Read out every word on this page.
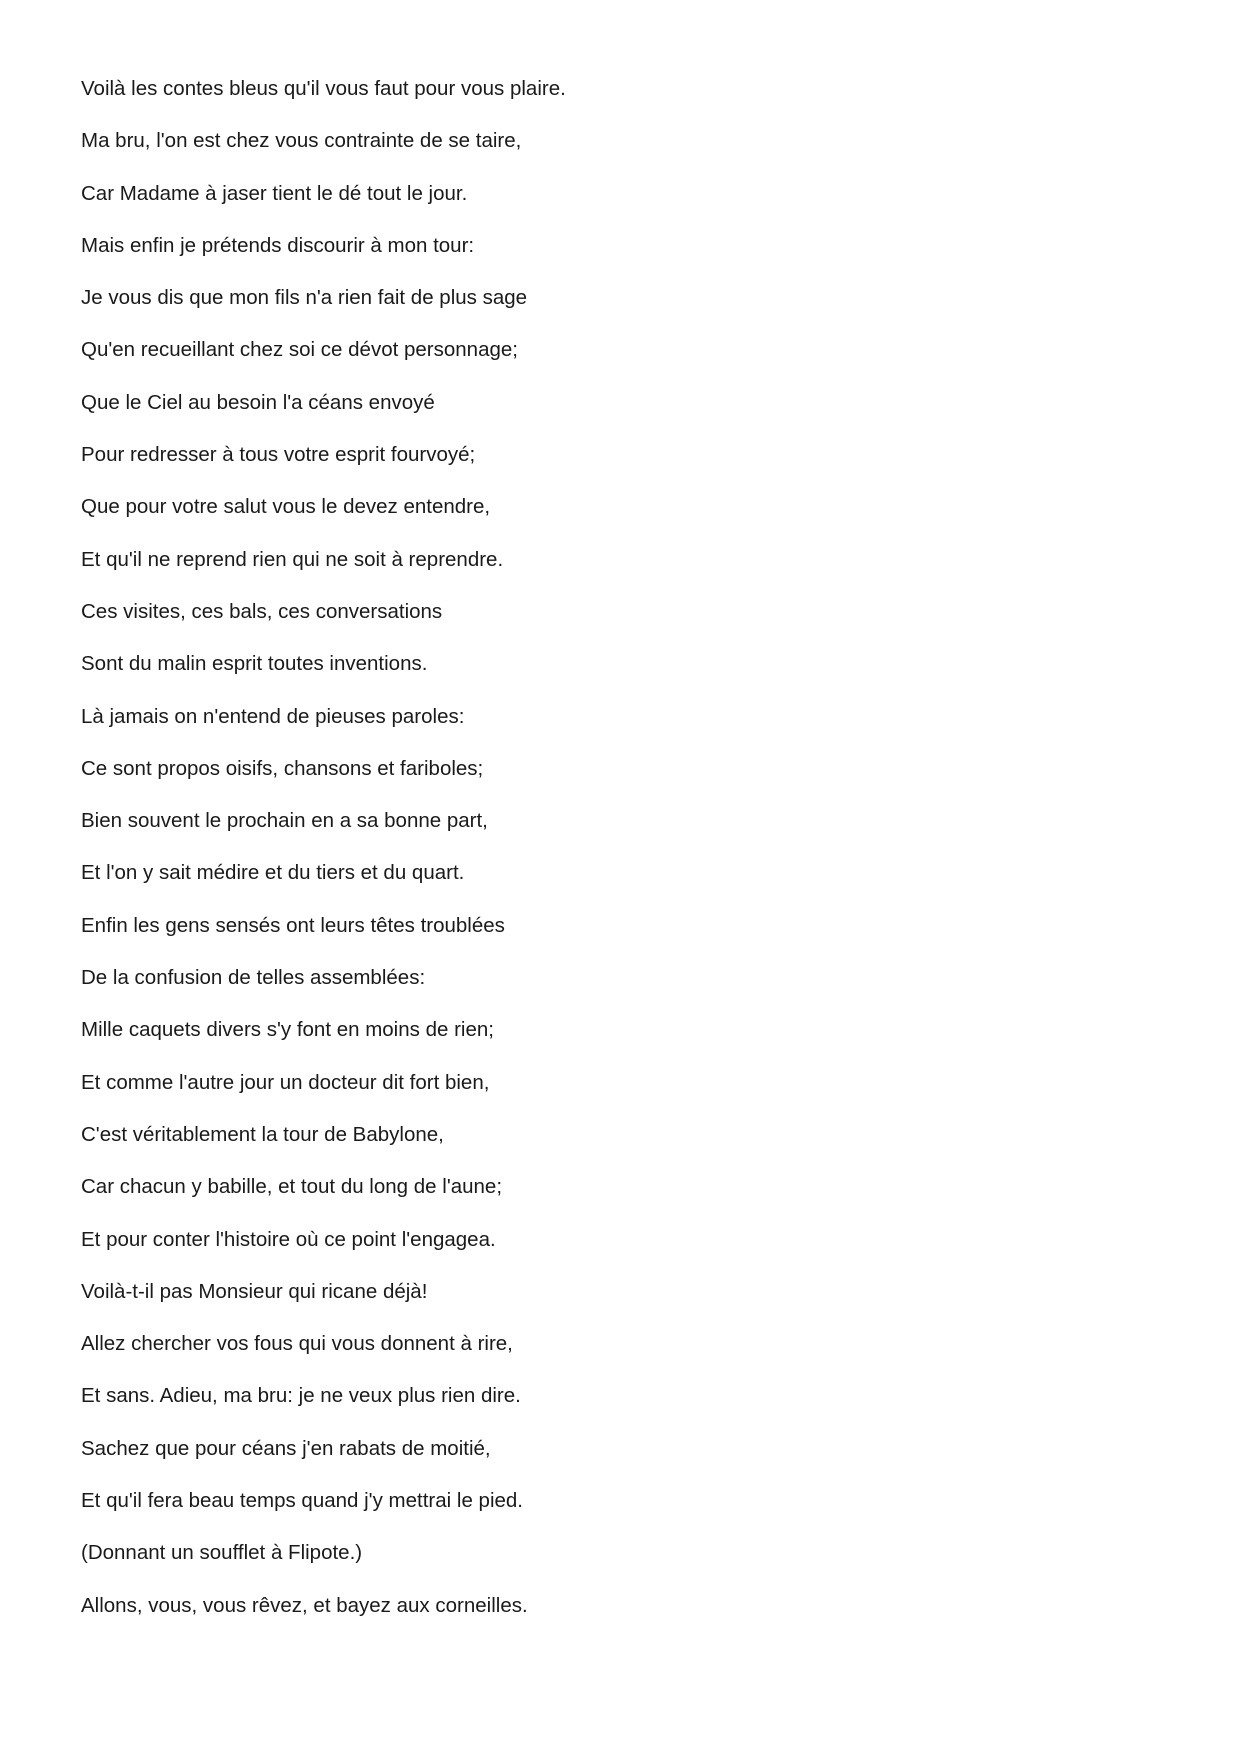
Voilà les contes bleus qu'il vous faut pour vous plaire.
Ma bru, l'on est chez vous contrainte de se taire,
Car Madame à jaser tient le dé tout le jour.
Mais enfin je prétends discourir à mon tour:
Je vous dis que mon fils n'a rien fait de plus sage
Qu'en recueillant chez soi ce dévot personnage;
Que le Ciel au besoin l'a céans envoyé
Pour redresser à tous votre esprit fourvoyé;
Que pour votre salut vous le devez entendre,
Et qu'il ne reprend rien qui ne soit à reprendre.
Ces visites, ces bals, ces conversations
Sont du malin esprit toutes inventions.
Là jamais on n'entend de pieuses paroles:
Ce sont propos oisifs, chansons et fariboles;
Bien souvent le prochain en a sa bonne part,
Et l'on y sait médire et du tiers et du quart.
Enfin les gens sensés ont leurs têtes troublées
De la confusion de telles assemblées:
Mille caquets divers s'y font en moins de rien;
Et comme l'autre jour un docteur dit fort bien,
C'est véritablement la tour de Babylone,
Car chacun y babille, et tout du long de l'aune;
Et pour conter l'histoire où ce point l'engagea.
Voilà-t-il pas Monsieur qui ricane déjà!
Allez chercher vos fous qui vous donnent à rire,
Et sans. Adieu, ma bru: je ne veux plus rien dire.
Sachez que pour céans j'en rabats de moitié,
Et qu'il fera beau temps quand j'y mettrai le pied.
(Donnant un soufflet à Flipote.)
Allons, vous, vous rêvez, et bayez aux corneilles.
